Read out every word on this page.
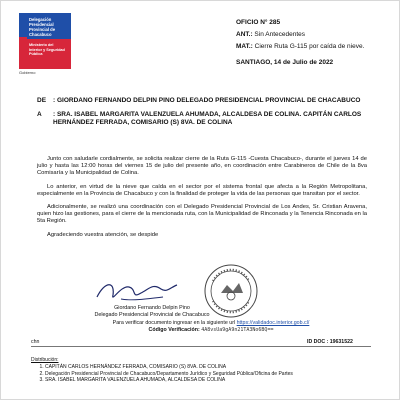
Delegación
Presidencial
Provincial de
Chacabuco
Ministerio del
Interior y Seguridad
Pública
Gobierno
OFICIO N° 285
ANT.: Sin Antecedentes
MAT.: Cierre Ruta G-115 por caída de nieve.
SANTIAGO, 14 de Julio de 2022
DE	: GIORDANO FERNANDO DELPIN PINO DELEGADO PRESIDENCIAL PROVINCIAL DE CHACABUCO
A	: SRA. ISABEL MARGARITA VALENZUELA AHUMADA, ALCALDESA DE COLINA. CAPITÁN CARLOS HERNÁNDEZ FERRADA, COMISARIO (S) 8VA. DE COLINA

Junto con saludarle cordialmente, se solicita realizar cierre de la Ruta G-115 -Cuesta Chacabuco-, durante el jueves 14 de julio y hasta las 12:00 horas del viernes 15 de julio del presente año, en coordinación entre Carabineros de Chile de la 8va Comisaría y la Municipalidad de Colina.

Lo anterior, en virtud de la nieve que caída en el sector por el sistema frontal que afecta a la Región Metropolitana, especialmente en la Provincia de Chacabuco y con la finalidad de proteger la vida de las personas que transitan por el sector.

Adicionalmente, se realizó una coordinación con el Delegado Presidencial Provincial de Los Andes, Sr. Cristian Aravena, quien hizo las gestiones, para el cierre de la mencionada ruta, con la Municipalidad de Rinconada y la Tenencia Rinconada en la 5ta Región.

Agradeciendo vuestra atención, se despide

Giordano Fernando Delpin Pino
Delegado Presidencial Provincial de Chacabuco
Para verificar documento ingresar en la siguiente url https://validadoc.interior.gob.cl/
Código Verificación: 4A8vsUa9gA9n21TA3No6BQ==
chn	ID DOC : 19631522
Distribución:
1. CAPITÁN CARLOS HERNÁNDEZ FERRADA, COMISARIO (S) 8VA. DE COLINA
2. Delegación Presidencial Provincial de Chacabuco/Departamento Jurídico y Seguridad Pública/Oficina de Partes
3. SRA. ISABEL MARGARITA VALENZUELA AHUMADA, ALCALDESA DE COLINA
